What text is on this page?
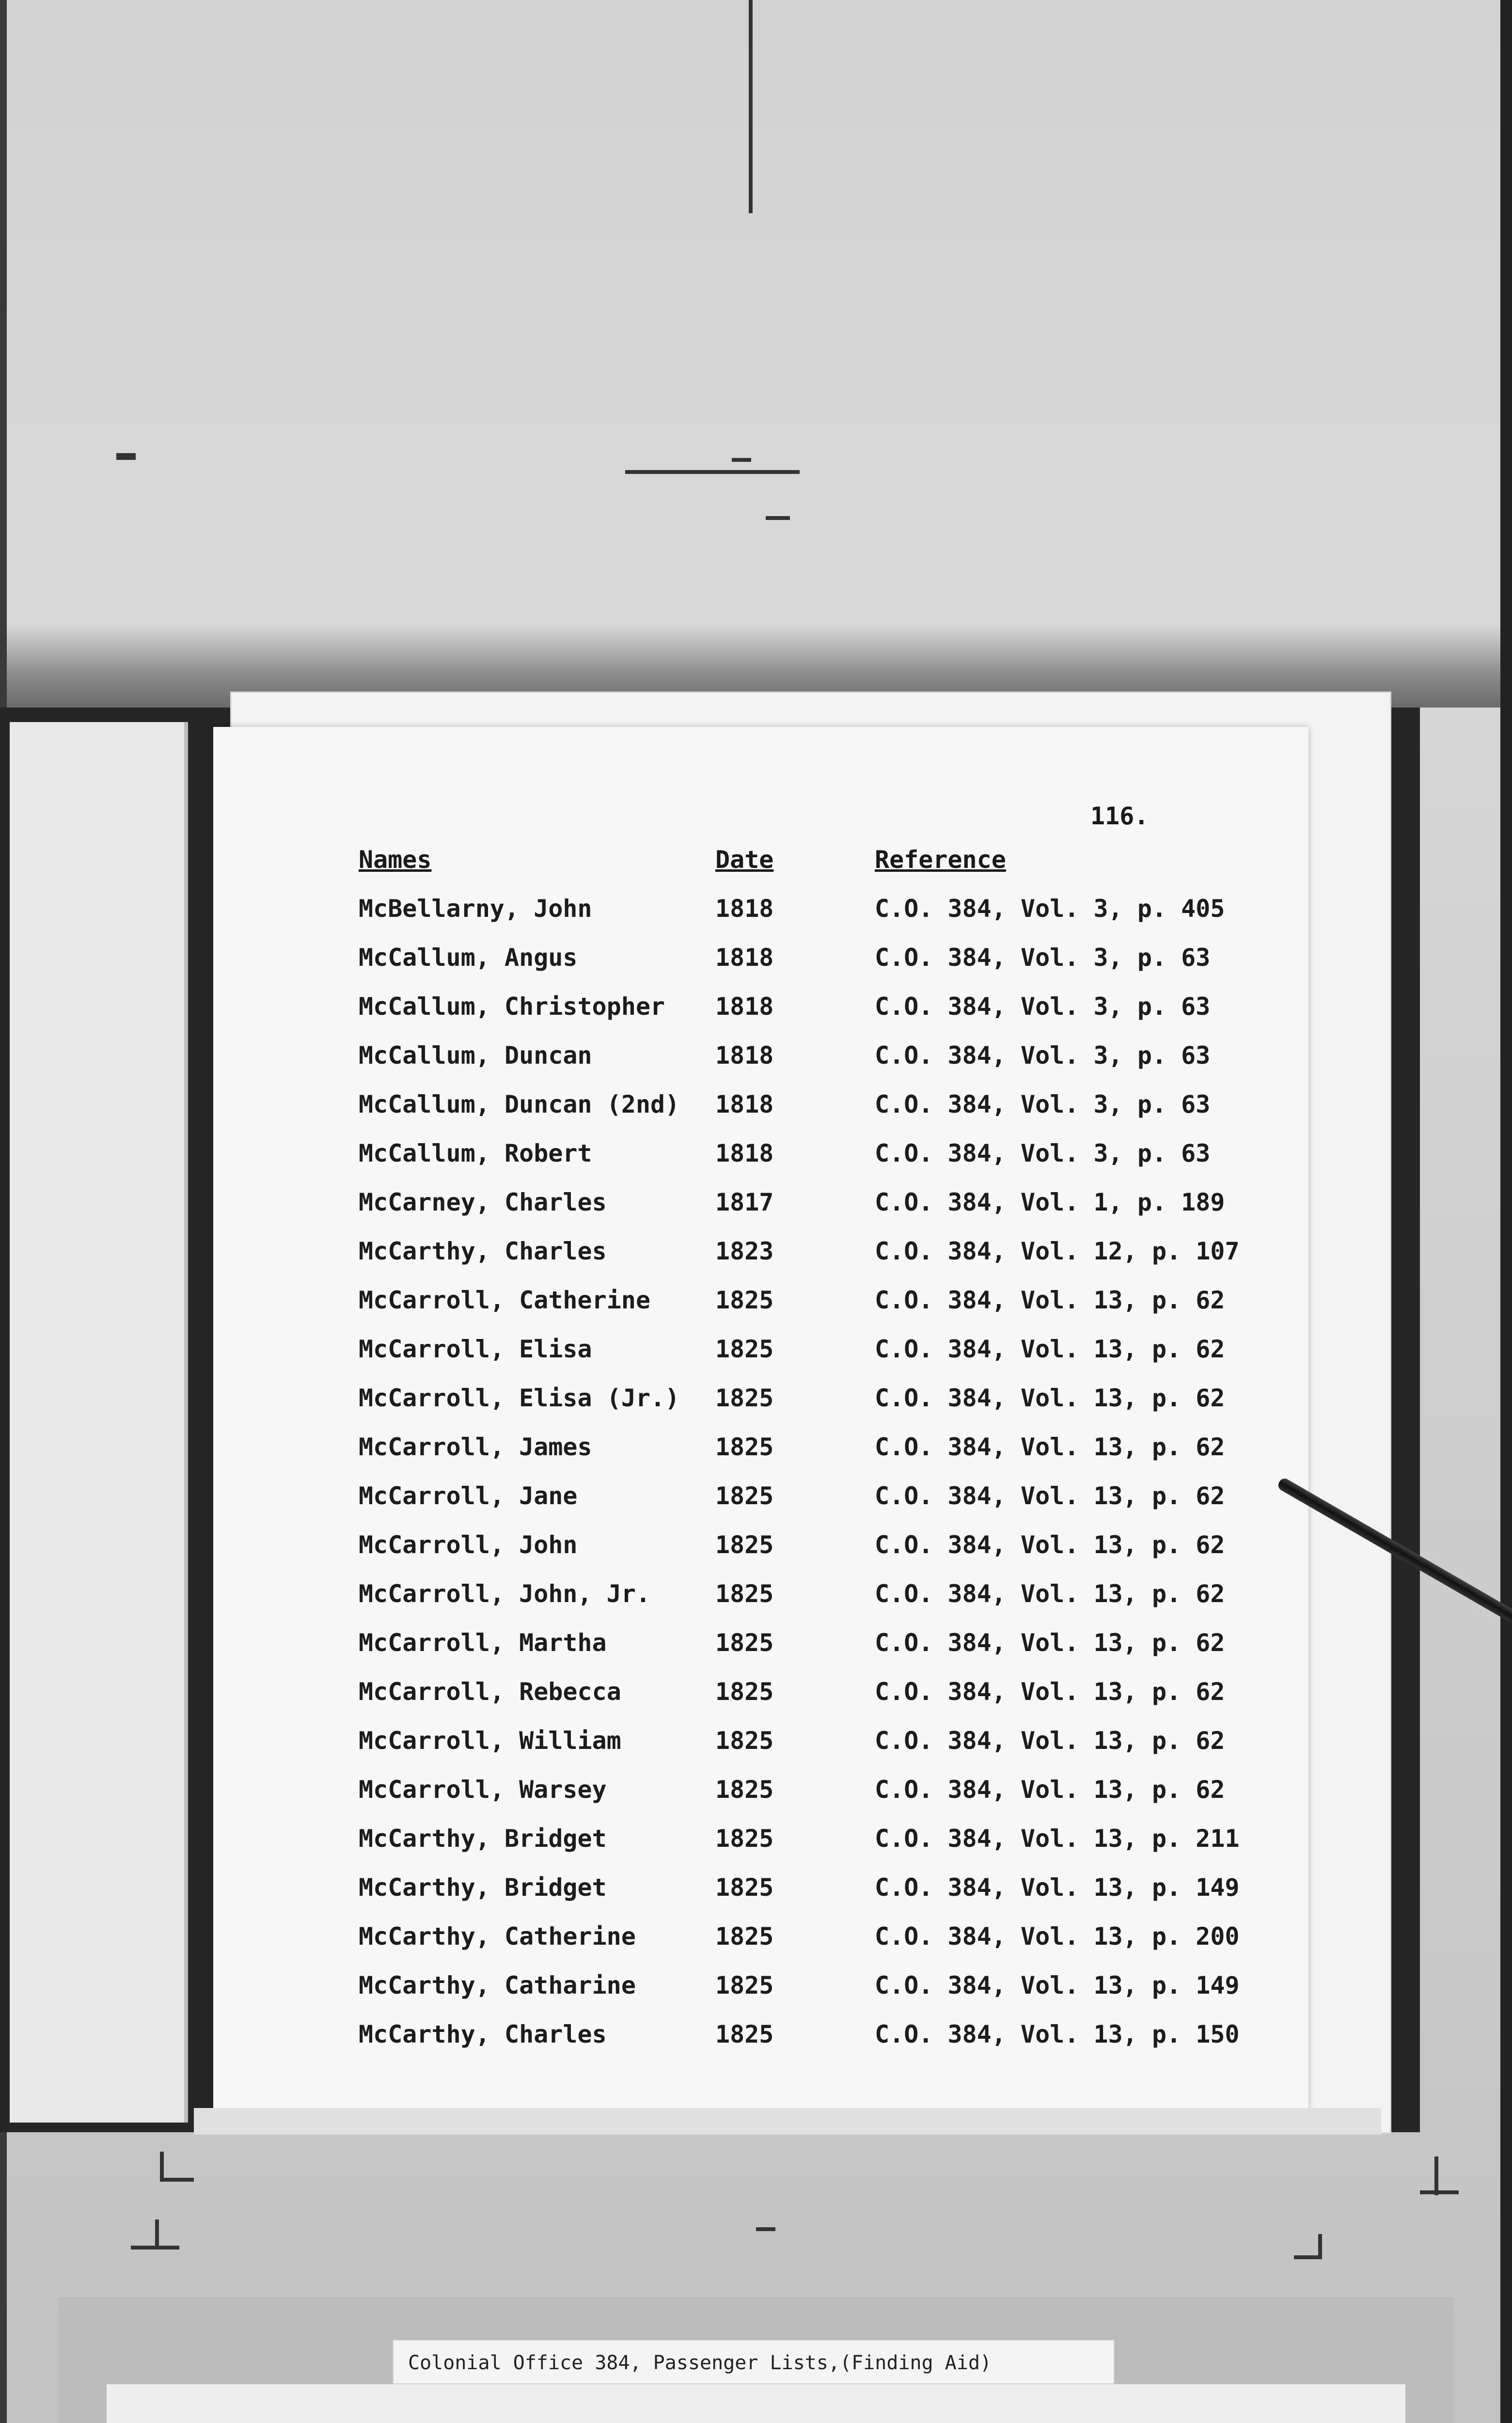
116.
Names	Date	Reference
McBellarny, John	1818	C.O. 384, Vol. 3, p. 405
McCallum, Angus	1818	C.O. 384, Vol. 3, p. 63
McCallum, Christopher 1818	C.O. 384, Vol. 3, p. 63
McCallum, Duncan	1818	C.O. 384, Vol. 3, p. 63
McCallum, Duncan (2nd) 1818	C.O. 384, Vol. 3, p. 63
McCallum, Robert	1818	C.O. 384, Vol. 3, p. 63
McCarney, Charles	1817	C.O. 384, Vol. 1, p. 189
McCarthy, Charles	1823	C.O. 384, Vol. 12, p. 107
McCarroll, Catherine	1825	C.O. 384, Vol. 13, p. 62
McCarroll, Elisa	1825	C.O. 384, Vol. 13, p. 62
McCarroll, Elisa (Jr.) 1825	C.O. 384, Vol. 13, p. 62
McCarroll, James	1825	C.O. 384, Vol. 13, p. 62
McCarroll, Jane	1825	C.O. 384, Vol. 13, p. 62
McCarroll, John	1825	C.O. 384, Vol. 13, p. 62
McCarroll, John, Jr.	1825	C.O. 384, Vol. 13, p. 62
McCarroll, Martha	1825	C.O. 384, Vol. 13, p. 62
McCarroll, Rebecca	1825	C.O. 384, Vol. 13, p. 62
McCarroll, William	1825	C.O. 384, Vol. 13, p. 62
McCarroll, Warsey	1825	C.O. 384, Vol. 13, p. 62
McCarthy, Bridget	1825	C.O. 384, Vol. 13, p. 211
McCarthy, Bridget	1825	C.O. 384, Vol. 13, p. 149
McCarthy, Catherine	1825	C.O. 384, Vol. 13, p. 200
McCarthy, Catharine	1825	C.O. 384, Vol. 13, p. 149
McCarthy, Charles	1825	C.O. 384, Vol. 13, p. 150
Colonial Office 384, Passenger Lists,(Finding Aid)
